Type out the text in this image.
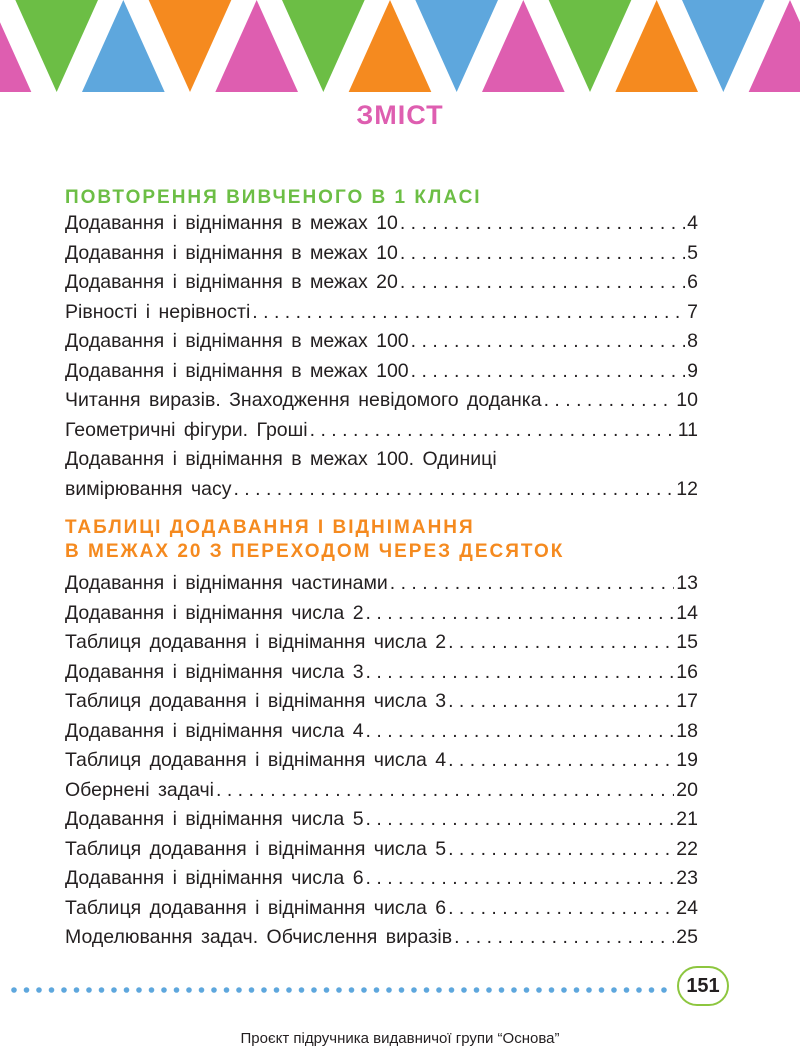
ЗМІСТ
ПОВТОРЕННЯ ВИВЧЕНОГО В 1 КЛАСІ
Додавання і віднімання в межах 10 . . .	4
Додавання і віднімання в межах 10 . . .	5
Додавання і віднімання в межах 20 . . .	6
Рівності і нерівності . . .	7
Додавання і віднімання в межах 100 . . .	8
Додавання і віднімання в межах 100 . . .	9
Читання виразів. Знаходження невідомого доданка . . .	10
Геометричні фігури. Гроші . . .	11
Додавання і віднімання в межах 100. Одиниці
вимірювання часу . . .	12
ТАБЛИЦІ ДОДАВАННЯ І ВІДНІМАННЯ
В МЕЖАХ 20 З ПЕРЕХОДОМ ЧЕРЕЗ ДЕСЯТОК
Додавання і віднімання частинами . . .	13
Додавання і віднімання числа 2 . . .	14
Таблиця додавання і віднімання числа 2 . . .	15
Додавання і віднімання числа 3 . . .	16
Таблиця додавання і віднімання числа 3 . . .	17
Додавання і віднімання числа 4 . . .	18
Таблиця додавання і віднімання числа 4 . . .	19
Обернені задачі . . .	20
Додавання і віднімання числа 5 . . .	21
Таблиця додавання і віднімання числа 5 . . .	22
Додавання і віднімання числа 6 . . .	23
Таблиця додавання і віднімання числа 6 . . .	24
Моделювання задач. Обчислення виразів . . .	25
151
Проєкт підручника видавничої групи “Основа”
